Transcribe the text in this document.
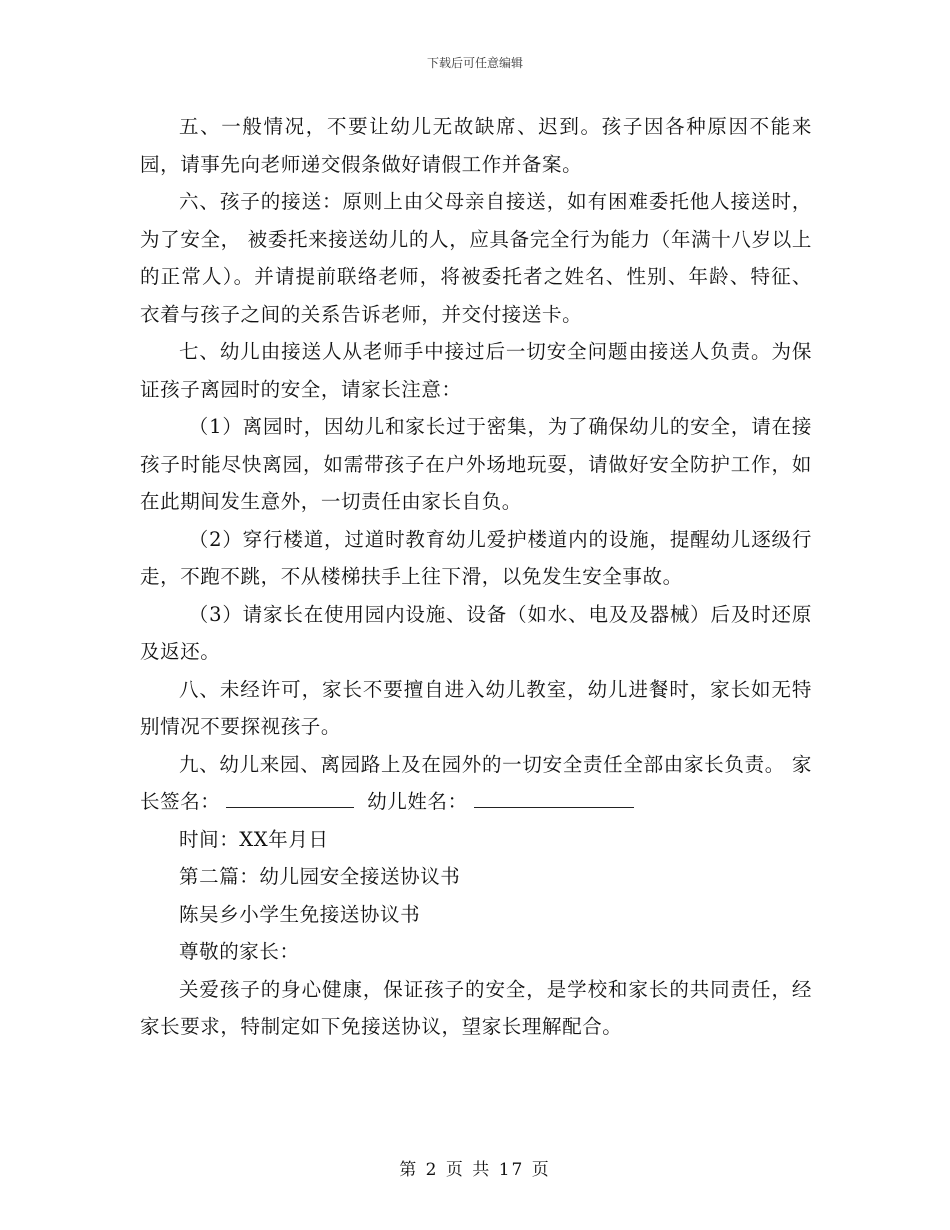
下载后可任意编辑

五、一般情况，不要让幼儿无故缺席、迟到。孩子因各种原因不能来园，请事先向老师递交假条做好请假工作并备案。

六、孩子的接送：原则上由父母亲自接送，如有困难委托他人接送时，为了安全， 被委托来接送幼儿的人，应具备完全行为能力（年满十八岁以上的正常人）。并请提前联络老师，将被委托者之姓名、性别、年龄、特征、衣着与孩子之间的关系告诉老师，并交付接送卡。

七、幼儿由接送人从老师手中接过后一切安全问题由接送人负责。为保证孩子离园时的安全，请家长注意：

（1）离园时，因幼儿和家长过于密集，为了确保幼儿的安全，请在接孩子时能尽快离园，如需带孩子在户外场地玩耍，请做好安全防护工作，如在此期间发生意外，一切责任由家长自负。

（2）穿行楼道，过道时教育幼儿爱护楼道内的设施，提醒幼儿逐级行走，不跑不跳，不从楼梯扶手上往下滑，以免发生安全事故。

（3）请家长在使用园内设施、设备（如水、电及及器械）后及时还原及返还。

八、未经许可，家长不要擅自进入幼儿教室，幼儿进餐时，家长如无特别情况不要探视孩子。

九、幼儿来园、离园路上及在园外的一切安全责任全部由家长负责。 家长签名：	幼儿姓名：

时间：XX年月日

第二篇：幼儿园安全接送协议书

陈吴乡小学生免接送协议书

尊敬的家长：

关爱孩子的身心健康，保证孩子的安全，是学校和家长的共同责任，经家长要求，特制定如下免接送协议，望家长理解配合。

第 2 页 共 17 页
